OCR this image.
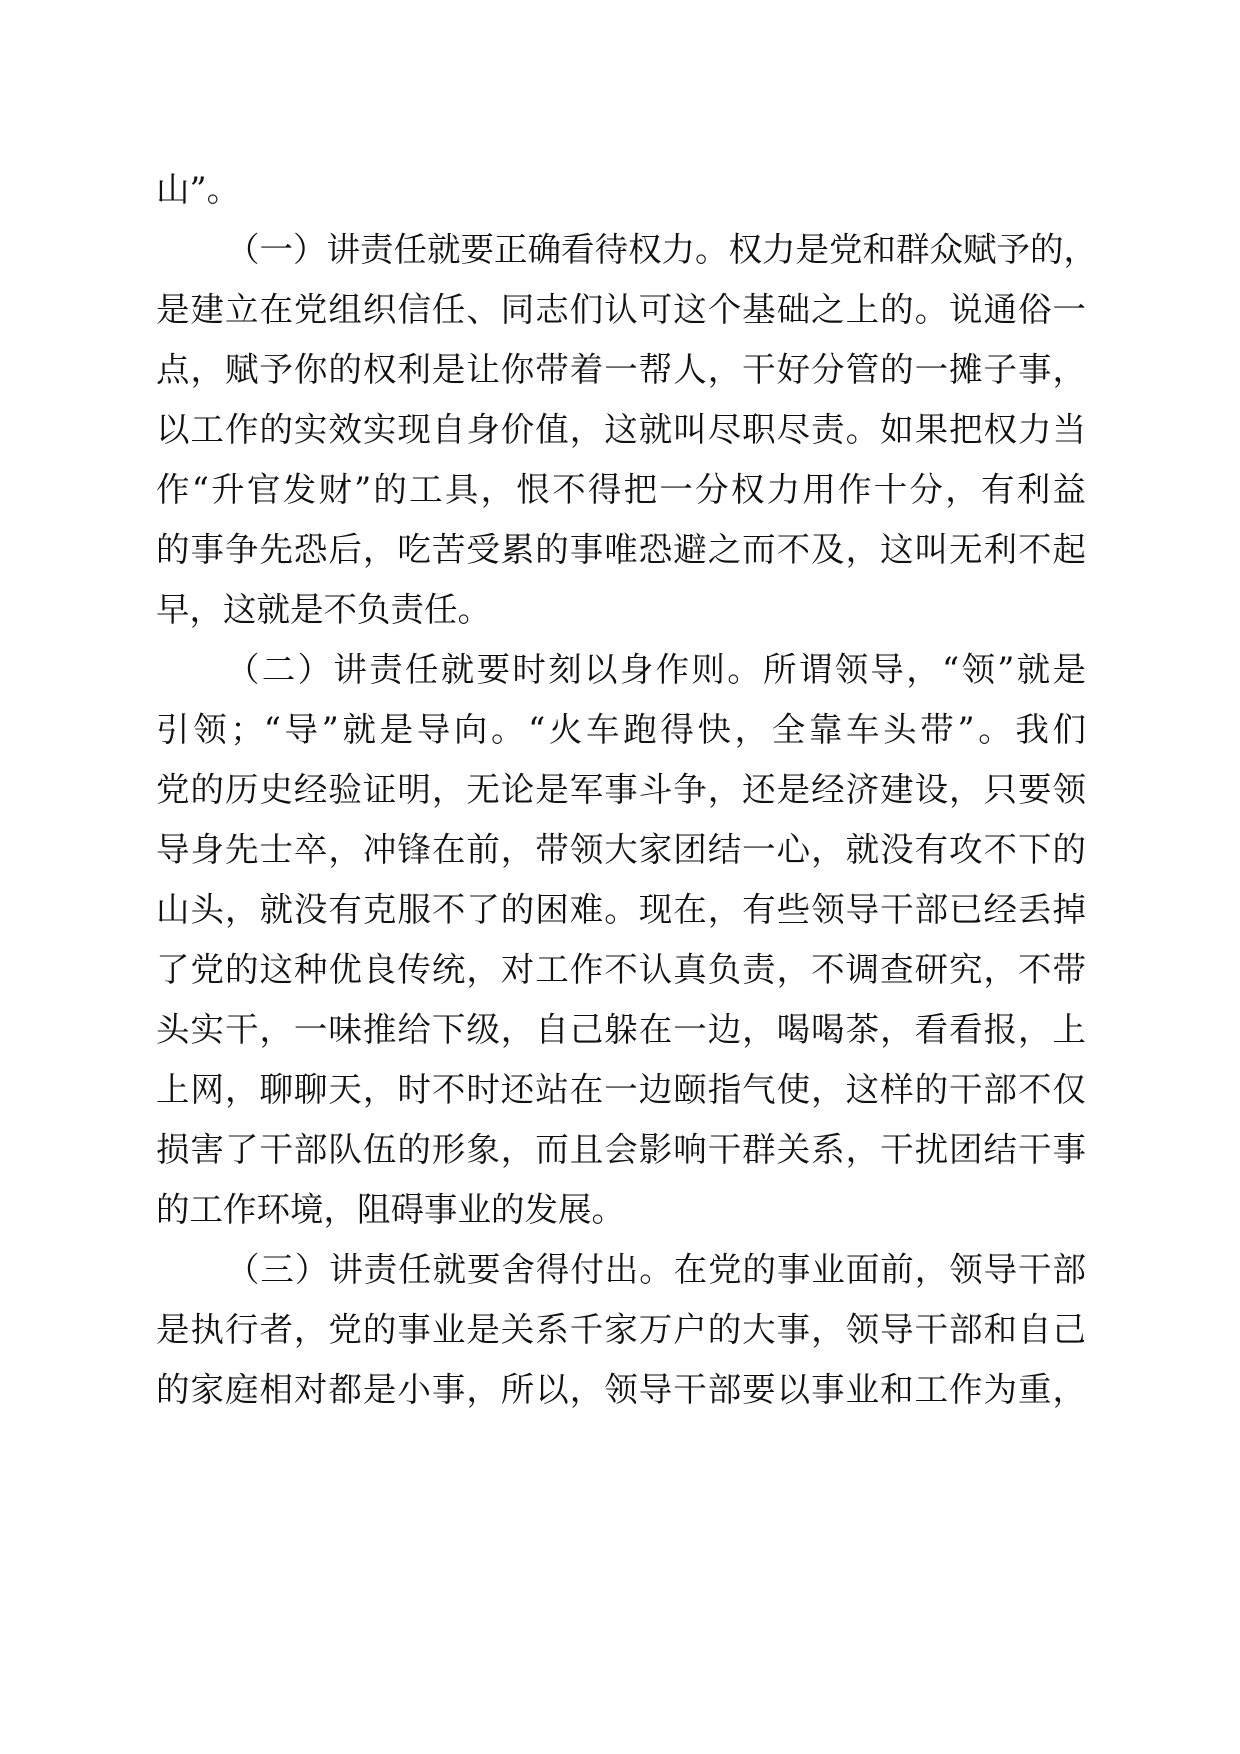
山”。

（一）讲责任就要正确看待权力。权力是党和群众赋予的，

是建立在党组织信任、同志们认可这个基础之上的。说通俗一

点，赋予你的权利是让你带着一帮人，干好分管的一摊子事，

以工作的实效实现自身价值，这就叫尽职尽责。如果把权力当

作“升官发财”的工具，恨不得把一分权力用作十分，有利益

的事争先恐后，吃苦受累的事唯恐避之而不及，这叫无利不起

早，这就是不负责任。

（二）讲责任就要时刻以身作则。所谓领导，“领”就是

引领；“导”就是导向。“火车跑得快，全靠车头带”。我们

党的历史经验证明，无论是军事斗争，还是经济建设，只要领

导身先士卒，冲锋在前，带领大家团结一心，就没有攻不下的

山头，就没有克服不了的困难。现在，有些领导干部已经丢掉

了党的这种优良传统，对工作不认真负责，不调查研究，不带

头实干，一味推给下级，自己躲在一边，喝喝茶，看看报，上

上网，聊聊天，时不时还站在一边颐指气使，这样的干部不仅

损害了干部队伍的形象，而且会影响干群关系，干扰团结干事

的工作环境，阻碍事业的发展。

（三）讲责任就要舍得付出。在党的事业面前，领导干部

是执行者，党的事业是关系千家万户的大事，领导干部和自己

的家庭相对都是小事，所以，领导干部要以事业和工作为重，
